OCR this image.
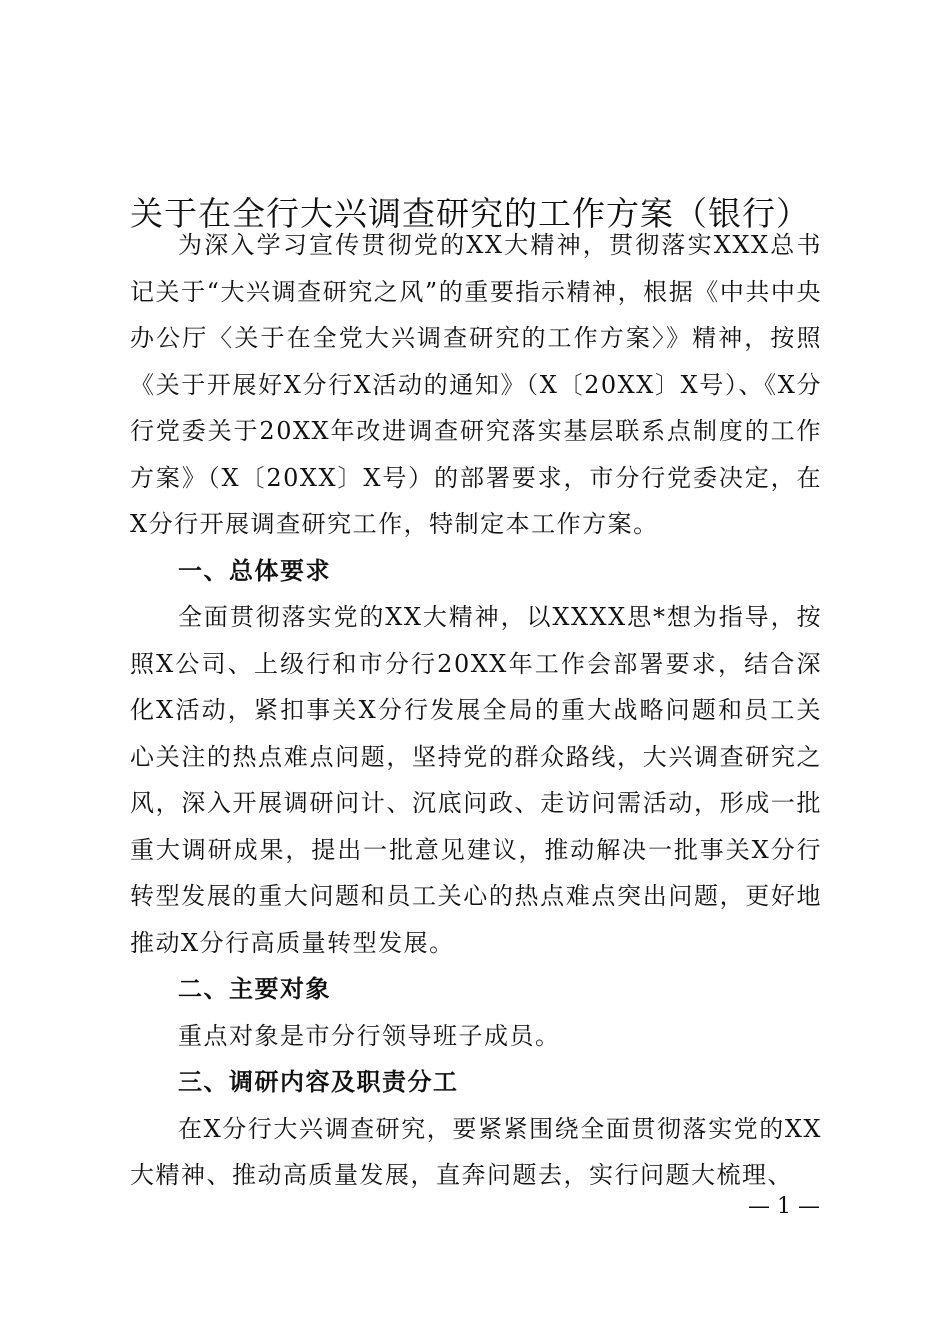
关于在全行大兴调查研究的工作方案（银行）

为深入学习宣传贯彻党的XX大精神，贯彻落实XXX总书记关于“大兴调查研究之风”的重要指示精神，根据《中共中央办公厅〈关于在全党大兴调查研究的工作方案〉》精神，按照《关于开展好X分行X活动的通知》（X〔20XX〕X号）、《X分行党委关于20XX年改进调查研究落实基层联系点制度的工作方案》（X〔20XX〕X号）的部署要求，市分行党委决定，在X分行开展调查研究工作，特制定本工作方案。

一、总体要求

全面贯彻落实党的XX大精神，以XXXX思*想为指导，按照X公司、上级行和市分行20XX年工作会部署要求，结合深化X活动，紧扣事关X分行发展全局的重大战略问题和员工关心关注的热点难点问题，坚持党的群众路线，大兴调查研究之风，深入开展调研问计、沉底问政、走访问需活动，形成一批重大调研成果，提出一批意见建议，推动解决一批事关X分行转型发展的重大问题和员工关心的热点难点突出问题，更好地推动X分行高质量转型发展。

二、主要对象

重点对象是市分行领导班子成员。

三、调研内容及职责分工

在X分行大兴调查研究，要紧紧围绕全面贯彻落实党的XX大精神、推动高质量发展，直奔问题去，实行问题大梳理、

— 1 —
